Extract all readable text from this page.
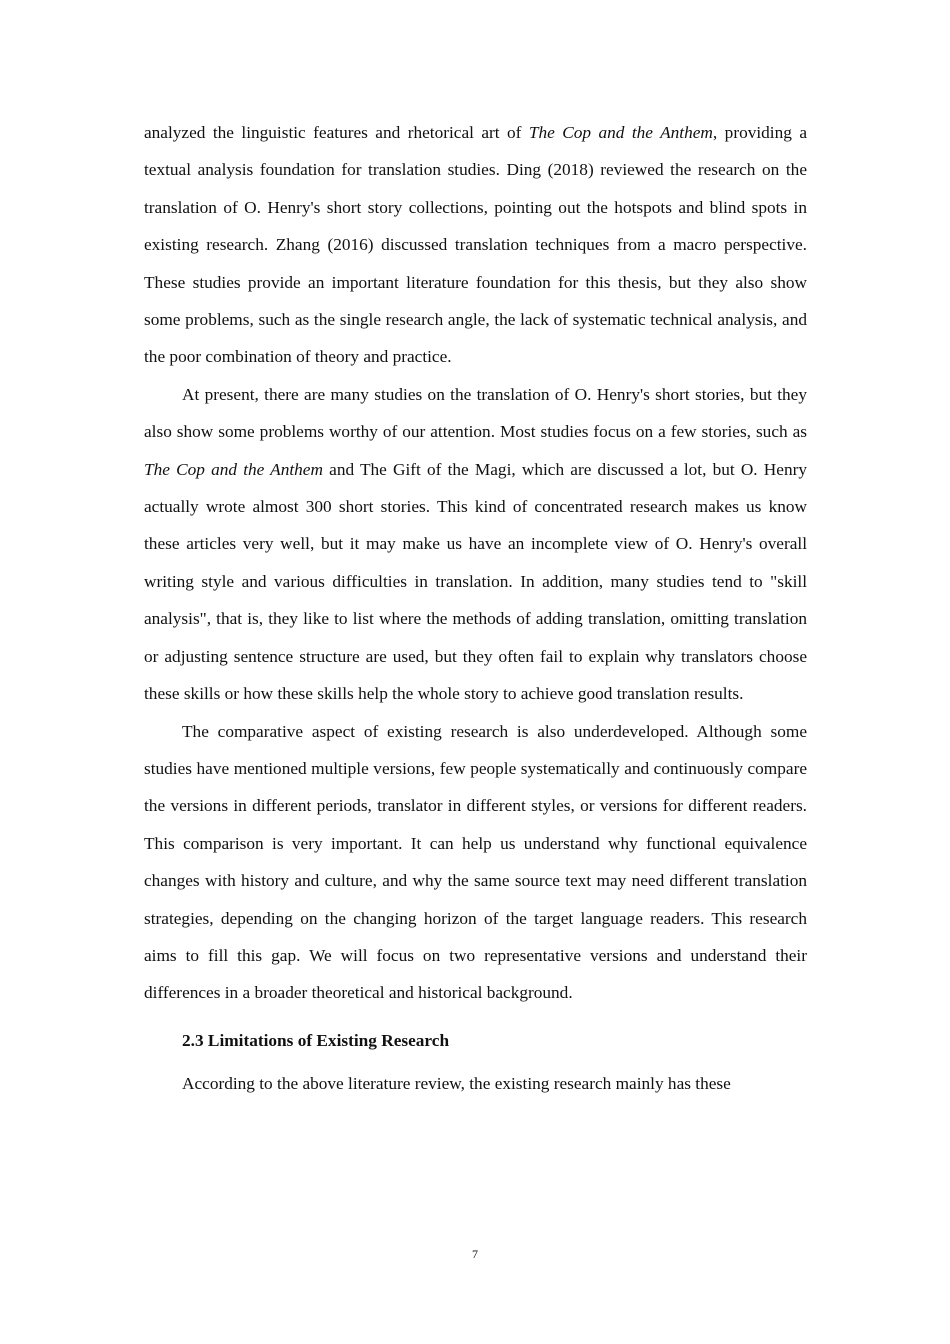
analyzed the linguistic features and rhetorical art of The Cop and the Anthem, providing a textual analysis foundation for translation studies. Ding (2018) reviewed the research on the translation of O. Henry's short story collections, pointing out the hotspots and blind spots in existing research. Zhang (2016) discussed translation techniques from a macro perspective. These studies provide an important literature foundation for this thesis, but they also show some problems, such as the single research angle, the lack of systematic technical analysis, and the poor combination of theory and practice.

At present, there are many studies on the translation of O. Henry's short stories, but they also show some problems worthy of our attention. Most studies focus on a few stories, such as The Cop and the Anthem and The Gift of the Magi, which are discussed a lot, but O. Henry actually wrote almost 300 short stories. This kind of concentrated research makes us know these articles very well, but it may make us have an incomplete view of O. Henry's overall writing style and various difficulties in translation. In addition, many studies tend to "skill analysis", that is, they like to list where the methods of adding translation, omitting translation or adjusting sentence structure are used, but they often fail to explain why translators choose these skills or how these skills help the whole story to achieve good translation results.

The comparative aspect of existing research is also underdeveloped. Although some studies have mentioned multiple versions, few people systematically and continuously compare the versions in different periods, translator in different styles, or versions for different readers. This comparison is very important. It can help us understand why functional equivalence changes with history and culture, and why the same source text may need different translation strategies, depending on the changing horizon of the target language readers. This research aims to fill this gap. We will focus on two representative versions and understand their differences in a broader theoretical and historical background.

2.3 Limitations of Existing Research

According to the above literature review, the existing research mainly has these

7
